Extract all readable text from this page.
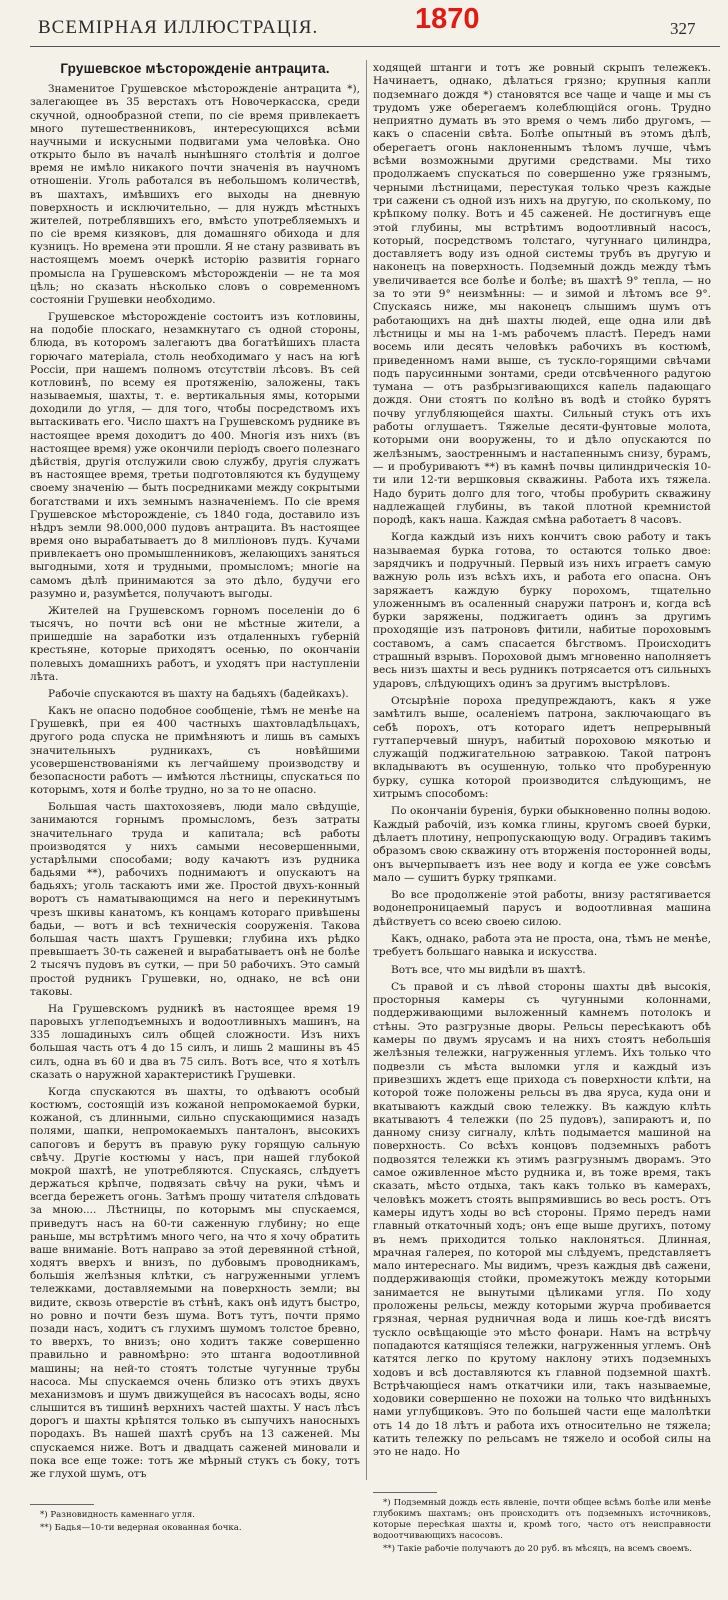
ВСЕМІРНАЯ ИЛЛЮСТРАЦІЯ.	1870	327
Грушевское мѣсторожденіе антрацита.

Знаменитое Грушевское мѣсторожденіе антрацита *), залегающее въ 35 верстахъ отъ Новочеркасска, среди скучной, однообразной степи, по сіе время привлекаетъ много путешественниковъ, интересующихся всѣми научными и искусными подвигами ума человѣка. Оно открыто было въ началѣ нынѣшняго столѣтія и долгое время не имѣло никакого почти значенія въ научномъ отношеніи. Уголь работался въ небольшомъ количествѣ, въ шахтахъ, имѣвшихъ его выходы на дневную поверхность и исключительно, — для нуждъ мѣстныхъ жителей, потреблявшихъ его, вмѣсто употребляемыхъ и по сіе время кизяковъ, для домашняго обихода и для кузницъ. Но времена эти прошли. Я не стану развивать въ настоящемъ моемъ очеркѣ исторію развитія горнаго промысла на Грушевскомъ мѣсторожденіи — не та моя цѣль; но сказать нѣсколько словъ о современномъ состояніи Грушевки необходимо.

Грушевское мѣсторожденіе состоитъ изъ котловины, на подобіе плоскаго, незамкнутаго съ одной стороны, блюда, въ которомъ залегаютъ два богатѣйшихъ пласта горючаго матеріала, столь необходимаго у насъ на югѣ Россіи, при нашемъ полномъ отсутствіи лѣсовъ. Въ сей котловинѣ, по всему ея протяженію, заложены, такъ называемыя, шахты, т. е. вертикальныя ямы, которыми доходили до угля, — для того, чтобы посредствомъ ихъ вытаскивать его. Число шахтъ на Грушевскомъ руднике въ настоящее время доходитъ до 400. Многія изъ нихъ (въ настоящее время) уже окончили періодъ своего полезнаго дѣйствія, другія отслужили свою службу, другія служатъ въ настоящее время, третьи подготовляются къ будущему своему значенію — быть посредниками между сокрытыми богатствами и ихъ земнымъ назначеніемъ. По сіе время Грушевское мѣсторожденіе, съ 1840 года, доставило изъ нѣдръ земли 98.000,000 пудовъ антрацита. Въ настоящее время оно вырабатываетъ до 8 милліоновъ пудъ. Кучами привлекаетъ оно промышленниковъ, желающихъ заняться выгодными, хотя и трудными, промысломъ; многіе на самомъ дѣлѣ принимаются за это дѣло, будучи его разумно и, разумѣется, получаютъ выгоды.

Жителей на Грушевскомъ горномъ поселеніи до 6 тысячъ, но почти всѣ они не мѣстные жители, а пришедшіе на заработки изъ отдаленныхъ губерній крестьяне, которые приходятъ осенью, по окончаніи полевыхъ домашнихъ работъ, и уходятъ при наступленіи лѣта.

Рабочіе спускаются въ шахту на бадьяхъ (бадейкахъ).

Какъ не опасно подобное сообщеніе, тѣмъ не менѣе на Грушевкѣ, при ея 400 частныхъ шахтовладѣльцахъ, другого рода спуска не примѣняютъ и лишь въ самыхъ значительныхъ рудникахъ, съ новѣйшими усовершенствованіями къ легчайшему производству и безопасности работъ — имѣются лѣстницы, спускаться по которымъ, хотя и болѣе трудно, но за то не опасно.

Большая часть шахтохозяевъ, люди мало свѣдущіе, занимаются горнымъ промысломъ, безъ затраты значительнаго труда и капитала; всѣ работы производятся у нихъ самыми несовершенными, устарѣлыми способами; воду качаютъ изъ рудника бадьями **), рабочихъ поднимаютъ и опускаютъ на бадьяхъ; уголь таскаютъ ими же. Простой двухъ-конный воротъ съ наматывающимся на него и перекинутымъ чрезъ шкивы канатомъ, къ концамъ котораго привѣшены бадьи, — вотъ и всѣ техническія сооруженія. Такова большая часть шахтъ Грушевки; глубина ихъ рѣдко превышаетъ 30-ть саженей и вырабатываетъ онѣ не болѣе 2 тысячъ пудовъ въ сутки, — при 50 рабочихъ. Это самый простой рудникъ Грушевки, но, однако, не всѣ они таковы.

На Грушевскомъ рудникѣ въ настоящее время 19 паровыхъ углеподъемныхъ и водоотливныхъ машинъ, на 335 лошадиныхъ силъ общей сложности. Изъ нихъ большая часть отъ 4 до 15 силъ, и лишь 2 машины въ 45 силъ, одна въ 60 и два въ 75 силъ. Вотъ все, что я хотѣлъ сказать о наружной характеристикѣ Грушевки.

Когда спускаются въ шахты, то одѣваютъ особый костюмъ, состоящій изъ кожаной непромокаемой бурки, кожаной, съ длинными, сильно спускающимися назадъ полями, шапки, непромокаемыхъ панталонъ, высокихъ сапоговъ и берутъ въ правую руку горящую сальную свѣчу. Другіе костюмы у насъ, при нашей глубокой мокрой шахтѣ, не употребляются. Спускаясь, слѣдуетъ держаться крѣпче, подвязать свѣчу на руки, чѣмъ и всегда бережетъ огонь. Затѣмъ прошу читателя слѣдовать за мною.... Лѣстницы, по которымъ мы спускаемся, приведутъ насъ на 60-ти саженную глубину; но еще раньше, мы встрѣтимъ много чего, на что я хочу обратить ваше вниманіе. Вотъ направо за этой деревянной стѣной, ходятъ вверхъ и внизъ, по дубовымъ проводникамъ, большія желѣзныя клѣтки, съ нагруженными углемъ тележками, доставляемыми на поверхность земли; вы видите, сквозь отверстіе въ стѣнѣ, какъ онѣ идутъ быстро, но ровно и почти безъ шума. Вотъ тутъ, почти прямо позади насъ, ходитъ съ глухимъ шумомъ толстое бревно, то вверхъ, то внизъ; оно ходитъ также совершенно правильно и равномѣрно: это штанга водоотливной машины; на ней-то стоятъ толстые чугунные трубы насоса. Мы спускаемся очень близко отъ этихъ двухъ механизмовъ и шумъ движущейся въ насосахъ воды, ясно слышится въ тишинѣ верхнихъ частей шахты. У насъ лѣсъ дорогъ и шахты крѣпятся только въ сыпучихъ наносныхъ породахъ. Въ нашей шахтѣ срубъ на 13 саженей. Мы спускаемся ниже. Вотъ и двадцать саженей миновали и пока все еще тоже: тотъ же мѣрный стукъ съ боку, тотъ же глухой шумъ, отъ

ходящей штанги и тотъ же ровный скрыпъ тележекъ. Начинаетъ, однако, дѣлаться грязно; крупныя капли подземнаго дождя *) становятся все чаще и чаще и мы съ трудомъ уже оберегаемъ колеблющійся огонь. Трудно неприятно думать въ это время о чемъ либо другомъ, — какъ о спасеніи свѣта. Болѣе опытный въ этомъ дѣлѣ, оберегаетъ огонь наклоненнымъ тѣломъ лучше, чѣмъ всѣми возможными другими средствами. Мы тихо продолжаемъ спускаться по совершенно уже грязнымъ, черными лѣстницами, перестукая только чрезъ каждые три сажени съ одной изъ нихъ на другую, по сколькому, по крѣпкому полку. Вотъ и 45 саженей. Не достигнувъ еще этой глубины, мы встрѣтимъ водоотливный насосъ, который, посредствомъ толстаго, чугуннаго цилиндра, доставляетъ воду изъ одной системы трубъ въ другую и наконецъ на поверхность. Подземный дождь между тѣмъ увеличивается все болѣе и болѣе; въ шахтѣ 9° тепла, — но за то эти 9° неизмѣнны: — и зимой и лѣтомъ все 9°. Спускаясь ниже, мы наконецъ слышимъ шумъ отъ работающихъ на днѣ шахты людей, еще одна или двѣ лѣстницы и мы на 1-мъ рабочемъ пластѣ. Передъ нами восемь или десять человѣкъ рабочихъ въ костюмѣ, приведенномъ нами выше, съ тускло-горящими свѣчами подъ парусинными зонтами, среди отсвѣченного радугою тумана — отъ разбрызгивающихся капель падающаго дождя. Они стоятъ по колѣно въ водѣ и стойко бурятъ почву углубляющейся шахты. Сильный стукъ отъ ихъ работы оглушаетъ. Тяжелые десяти-фунтовые молота, которыми они вооружены, то и дѣло опускаются по желѣзнымъ, заостреннымъ и настапеннымъ снизу, бурамъ, — и пробуриваютъ **) въ камнѣ почвы цилиндрическія 10-ти или 12-ти вершковыя скважины. Работа ихъ тяжела. Надо бурить долго для того, чтобы пробурить скважину надлежащей глубины, въ такой плотной кремнистой породѣ, какъ наша. Каждая смѣна работаетъ 8 часовъ.

Когда каждый изъ нихъ кончитъ свою работу и такъ называемая бурка готова, то остаются только двое: зарядчикъ и подручный. Первый изъ нихъ играетъ самую важную роль изъ всѣхъ ихъ, и работа его опасна. Онъ заряжаетъ каждую бурку порохомъ, тщательно уложеннымъ въ осаленный снаружи патронъ и, когда всѣ бурки заряжены, поджигаетъ одинъ за другимъ проходящіе изъ патроновъ фитили, набитые пороховымъ составомъ, а самъ спасается бѣгствомъ. Происходитъ страшный взрывъ. Пороховой дымъ мгновенно наполняетъ весь низъ шахты и весь рудникъ потрясается отъ сильныхъ ударовъ, слѣдующихъ одинъ за другимъ выстрѣловъ.

Отсырѣніе пороха предупреждаютъ, какъ я уже замѣтилъ выше, осаленіемъ патрона, заключающаго въ себѣ порохъ, отъ котораго идетъ непрерывный гуттаперчевый шнуръ, набитый пороховою мякотью и служащій поджигательною затравкою. Такой патронъ вкладываютъ въ осушенную, только что пробуренную бурку, сушка которой производится слѣдующимъ, не хитрымъ способомъ:

По окончаніи буренія, бурки обыкновенно полны водою. Каждый рабочій, изъ комка глины, кругомъ своей бурки, дѣлаетъ плотину, непропускающую воду. Оградивъ такимъ образомъ свою скважину отъ вторженія посторонней воды, онъ вычерпываетъ изъ нее воду и когда ее уже совсѣмъ мало — сушитъ бурку тряпками.

Во все продолженіе этой работы, внизу растягивается водонепроницаемый парусъ и водоотливная машина дѣйствуетъ со всею своею силою.

Какъ, однако, работа эта не проста, она, тѣмъ не менѣе, требуетъ большаго навыка и искусства.

Вотъ все, что мы видѣли въ шахтѣ.

Съ правой и съ лѣвой стороны шахты двѣ высокія, просторныя камеры съ чугунными колоннами, поддерживающими выложенный камнемъ потолокъ и стѣны. Это разгрузные дворы. Рельсы пересѣкаютъ обѣ камеры по двумъ ярусамъ и на нихъ стоятъ небольшія желѣзныя тележки, нагруженныя углемъ. Ихъ только что подвезли съ мѣста выломки угля и каждый изъ привезшихъ ждетъ еще прихода съ поверхности клѣти, на которой тоже положены рельсы въ два яруса, куда они и вкатываютъ каждый свою тележку. Въ каждую клѣть вкатываютъ 4 тележки (по 25 пудовъ), запираютъ и, по данному снизу сигналу, клѣть подымается машиной на поверхность. Со всѣхъ концовъ подземныхъ работъ подвозятся тележки къ этимъ разгрузнымъ дворамъ. Это самое оживленное мѣсто рудника и, въ тоже время, такъ сказать, мѣсто отдыха, такъ какъ только въ камерахъ, человѣкъ можетъ стоять выпрямившись во весь ростъ. Отъ камеры идутъ ходы во всѣ стороны. Прямо передъ нами главный откаточный ходъ; онъ еще выше другихъ, потому въ немъ приходится только наклоняться. Длинная, мрачная галерея, по которой мы слѣдуемъ, представляетъ мало интереснаго. Мы видимъ, чрезъ каждыя двѣ сажени, поддерживающія стойки, промежутокъ между которыми занимается не вынутыми цѣликами угля. По ходу проложены рельсы, между которыми журча пробивается грязная, черная рудничная вода и лишь кое-гдѣ висятъ тускло освѣщающіе это мѣсто фонари. Намъ на встрѣчу попадаются катящіяся тележки, нагруженныя углемъ. Онѣ катятся легко по крутому наклону этихъ подземныхъ ходовъ и всѣ доставляются къ главной подземной шахтѣ. Встрѣчающіеся намъ откатчики или, такъ называемые, ходовики совершенно не похожи на только что видѣнныхъ нами углубщиковъ. Это по большей части еще малолѣтки отъ 14 до 18 лѣтъ и работа ихъ относительно не тяжела; катить тележку по рельсамъ не тяжело и особой силы на это не надо. Но

*) Разновидность каменнаго угля.

**) Бадья—10-ти ведерная окованная бочка.

*) Подземный дождь есть явленіе, почти общее всѣмъ болѣе или менѣе глубокимъ шахтамъ; онъ происходитъ отъ подземныхъ источниковъ, которые пересѣкая шахты и, кромѣ того, часто отъ неисправности водоотчивающихъ насосовъ.

**) Такіе рабочіе получаютъ до 20 руб. въ мѣсяцъ, на всемъ своемъ.
